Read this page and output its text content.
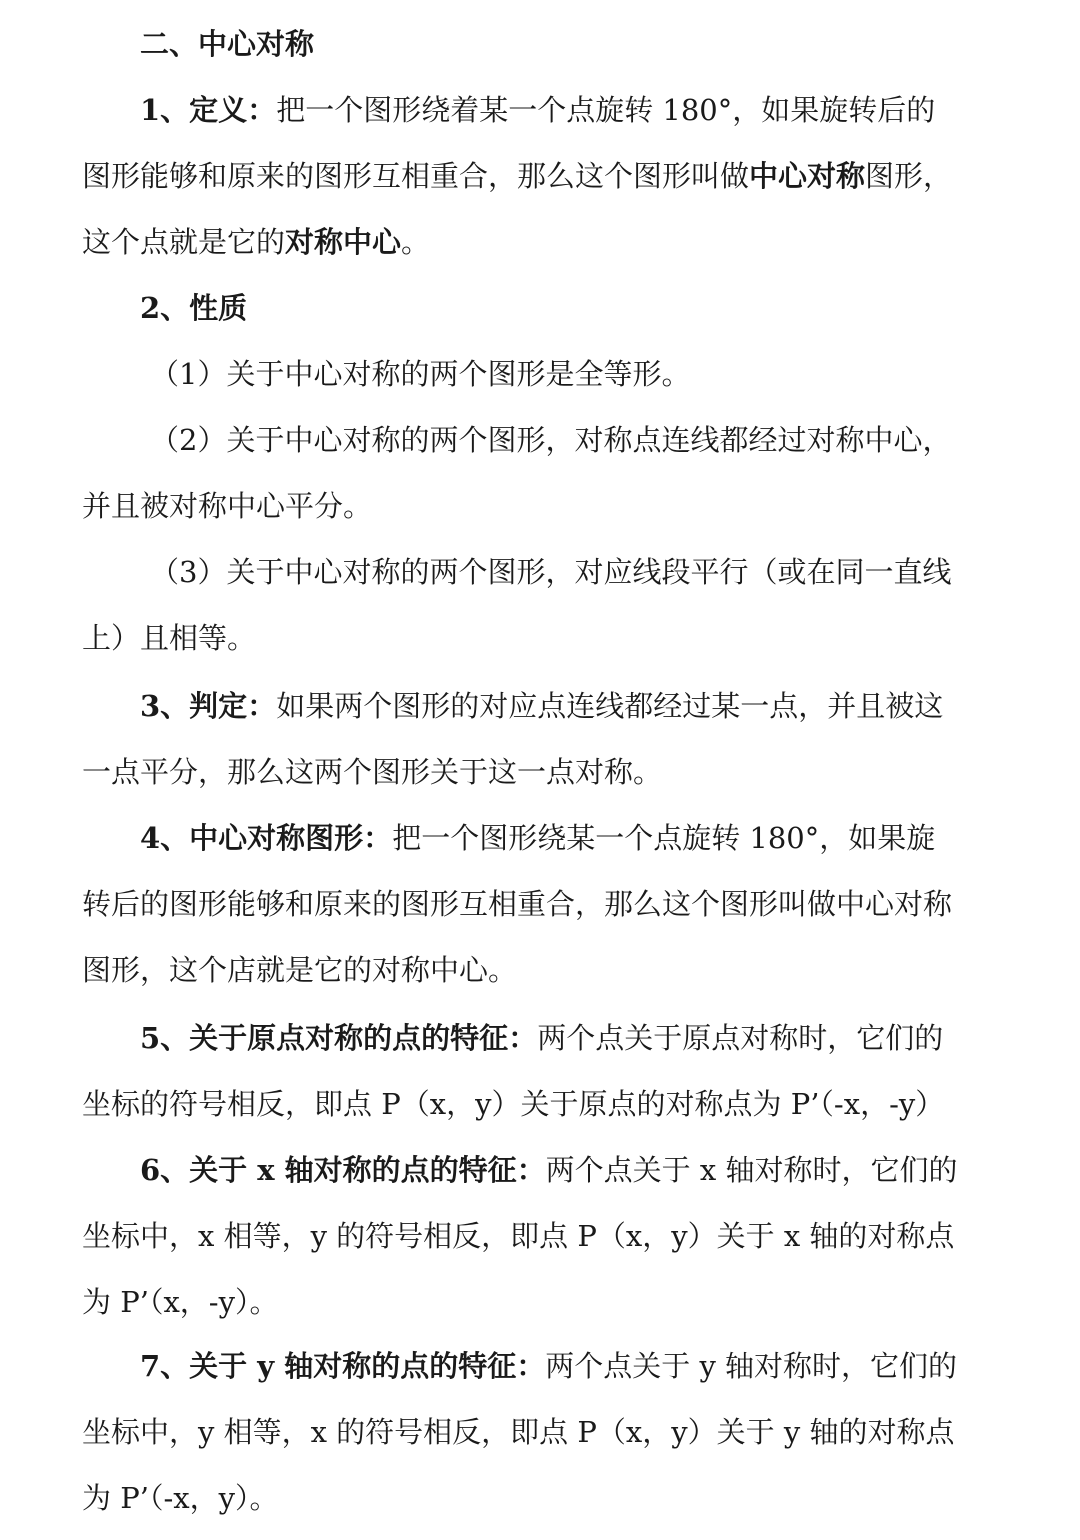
二、中心对称
1、定义：把一个图形绕着某一个点旋转 180°，如果旋转后的
图形能够和原来的图形互相重合，那么这个图形叫做中心对称图形，
这个点就是它的对称中心。
2、性质
（1）关于中心对称的两个图形是全等形。
（2）关于中心对称的两个图形，对称点连线都经过对称中心，
并且被对称中心平分。
（3）关于中心对称的两个图形，对应线段平行（或在同一直线
上）且相等。
3、判定：如果两个图形的对应点连线都经过某一点，并且被这
一点平分，那么这两个图形关于这一点对称。
4、中心对称图形：把一个图形绕某一个点旋转 180°，如果旋
转后的图形能够和原来的图形互相重合，那么这个图形叫做中心对称
图形，这个店就是它的对称中心。
5、关于原点对称的点的特征：两个点关于原点对称时，它们的
坐标的符号相反，即点 P（x，y）关于原点的对称点为 P’（-x，-y）
6、关于 x 轴对称的点的特征：两个点关于 x 轴对称时，它们的
坐标中，x 相等，y 的符号相反，即点 P（x，y）关于 x 轴的对称点
为 P’（x，-y）。
7、关于 y 轴对称的点的特征：两个点关于 y 轴对称时，它们的
坐标中，y 相等，x 的符号相反，即点 P（x，y）关于 y 轴的对称点
为 P’（-x，y）。
